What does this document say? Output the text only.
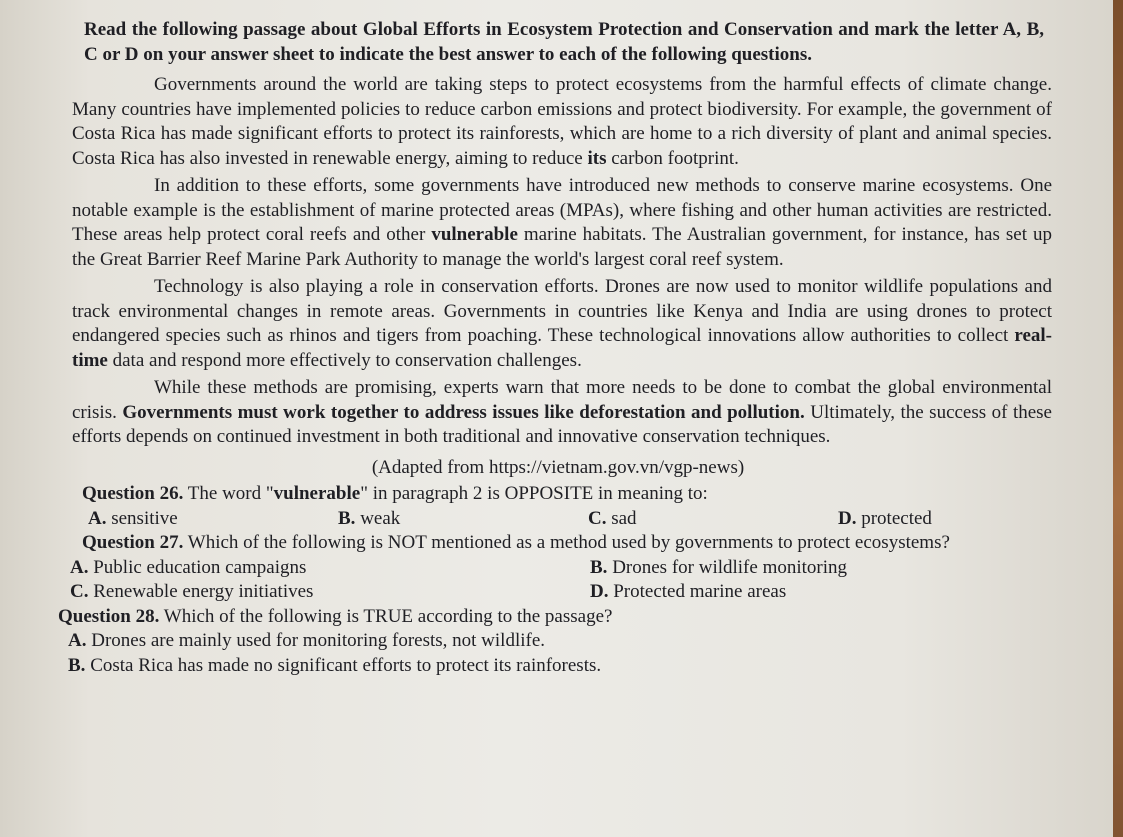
Read the following passage about Global Efforts in Ecosystem Protection and Conservation and mark the letter A, B, C or D on your answer sheet to indicate the best answer to each of the following questions.
Governments around the world are taking steps to protect ecosystems from the harmful effects of climate change. Many countries have implemented policies to reduce carbon emissions and protect biodiversity. For example, the government of Costa Rica has made significant efforts to protect its rainforests, which are home to a rich diversity of plant and animal species. Costa Rica has also invested in renewable energy, aiming to reduce its carbon footprint.
In addition to these efforts, some governments have introduced new methods to conserve marine ecosystems. One notable example is the establishment of marine protected areas (MPAs), where fishing and other human activities are restricted. These areas help protect coral reefs and other vulnerable marine habitats. The Australian government, for instance, has set up the Great Barrier Reef Marine Park Authority to manage the world's largest coral reef system.
Technology is also playing a role in conservation efforts. Drones are now used to monitor wildlife populations and track environmental changes in remote areas. Governments in countries like Kenya and India are using drones to protect endangered species such as rhinos and tigers from poaching. These technological innovations allow authorities to collect real-time data and respond more effectively to conservation challenges.
While these methods are promising, experts warn that more needs to be done to combat the global environmental crisis. Governments must work together to address issues like deforestation and pollution. Ultimately, the success of these efforts depends on continued investment in both traditional and innovative conservation techniques.
(Adapted from https://vietnam.gov.vn/vgp-news)
Question 26. The word "vulnerable" in paragraph 2 is OPPOSITE in meaning to:
A. sensitive	B. weak	C. sad	D. protected
Question 27. Which of the following is NOT mentioned as a method used by governments to protect ecosystems?
A. Public education campaigns	B. Drones for wildlife monitoring
C. Renewable energy initiatives	D. Protected marine areas
Question 28. Which of the following is TRUE according to the passage?
A. Drones are mainly used for monitoring forests, not wildlife.
B. Costa Rica has made no significant efforts to protect its rainforests.
